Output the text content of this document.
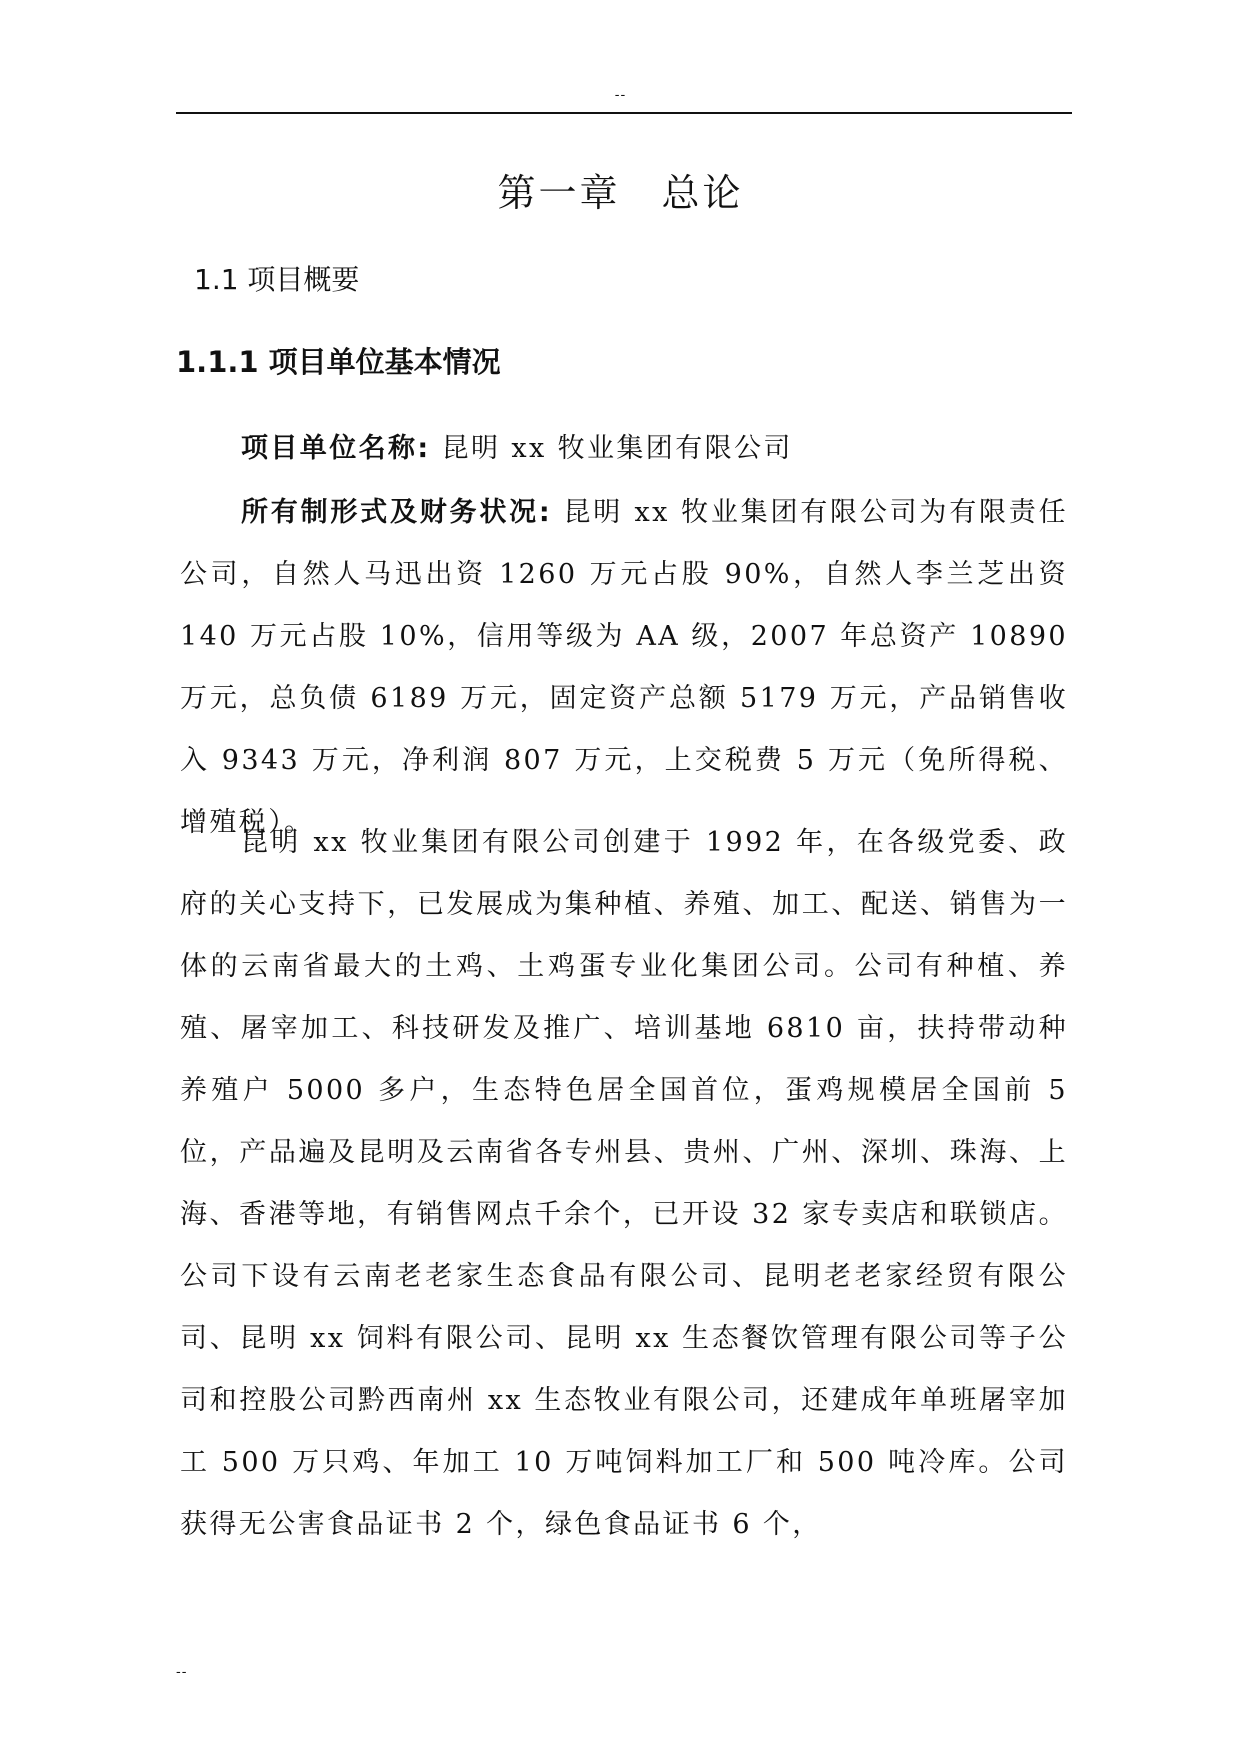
--
第一章　总论
1.1 项目概要
1.1.1 项目单位基本情况

项目单位名称: 昆明 xx 牧业集团有限公司

所有制形式及财务状况: 昆明 xx 牧业集团有限公司为有限责任公司，自然人马迅出资 1260 万元占股 90%，自然人李兰芝出资 140 万元占股 10%，信用等级为 AA 级，2007 年总资产 10890 万元，总负债 6189 万元，固定资产总额 5179 万元，产品销售收入 9343 万元，净利润 807 万元，上交税费 5 万元（免所得税、增殖税）。

昆明 xx 牧业集团有限公司创建于 1992 年，在各级党委、政府的关心支持下，已发展成为集种植、养殖、加工、配送、销售为一体的云南省最大的土鸡、土鸡蛋专业化集团公司。公司有种植、养殖、屠宰加工、科技研发及推广、培训基地 6810 亩，扶持带动种养殖户 5000 多户，生态特色居全国首位，蛋鸡规模居全国前 5 位，产品遍及昆明及云南省各专州县、贵州、广州、深圳、珠海、上海、香港等地，有销售网点千余个，已开设 32 家专卖店和联锁店。公司下设有云南老老家生态食品有限公司、昆明老老家经贸有限公司、昆明 xx 饲料有限公司、昆明 xx 生态餐饮管理有限公司等子公司和控股公司黔西南州 xx 生态牧业有限公司，还建成年单班屠宰加工 500 万只鸡、年加工 10 万吨饲料加工厂和 500 吨冷库。公司获得无公害食品证书 2 个，绿色食品证书 6 个，

--
